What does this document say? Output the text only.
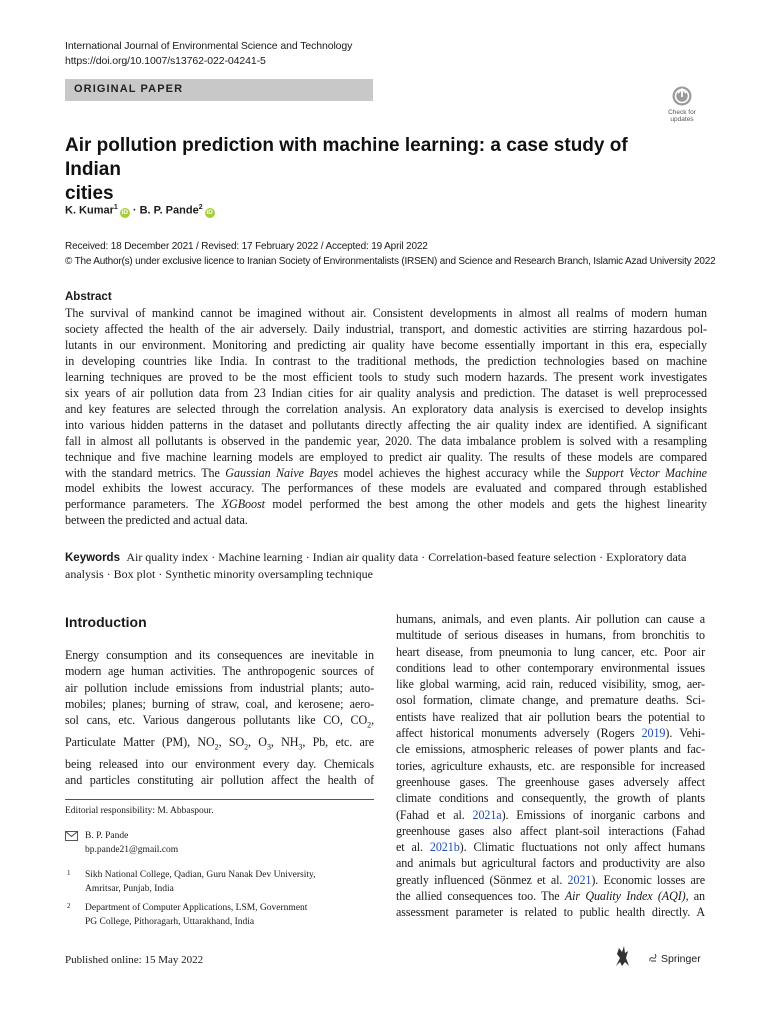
International Journal of Environmental Science and Technology
https://doi.org/10.1007/s13762-022-04241-5
ORIGINAL PAPER
Check for
updates
Air pollution prediction with machine learning: a case study of Indian
cities
K. Kumar$^1$iD · B. P. Pande$^2$iD
Received: 18 December 2021 / Revised: 17 February 2022 / Accepted: 19 April 2022
© The Author(s) under exclusive licence to Iranian Society of Environmentalists (IRSEN) and Science and Research Branch, Islamic Azad University 2022
Abstract
The survival of mankind cannot be imagined without air. Consistent developments in almost all realms of modern human
society affected the health of the air adversely. Daily industrial, transport, and domestic activities are stirring hazardous pol-
lutants in our environment. Monitoring and predicting air quality have become essentially important in this era, especially
in developing countries like India. In contrast to the traditional methods, the prediction technologies based on machine
learning techniques are proved to be the most efficient tools to study such modern hazards. The present work investigates
six years of air pollution data from 23 Indian cities for air quality analysis and prediction. The dataset is well preprocessed
and key features are selected through the correlation analysis. An exploratory data analysis is exercised to develop insights
into various hidden patterns in the dataset and pollutants directly affecting the air quality index are identified. A significant
fall in almost all pollutants is observed in the pandemic year, 2020. The data imbalance problem is solved with a resampling
technique and five machine learning models are employed to predict air quality. The results of these models are compared
with the standard metrics. The Gaussian Naive Bayes model achieves the highest accuracy while the Support Vector Machine
model exhibits the lowest accuracy. The performances of these models are evaluated and compared through established
performance parameters. The XGBoost model performed the best among the other models and gets the highest linearity
between the predicted and actual data.
Keywords Air quality index · Machine learning · Indian air quality data · Correlation-based feature selection · Exploratory data analysis · Box plot · Synthetic minority oversampling technique
Introduction
Energy consumption and its consequences are inevitable in
modern age human activities. The anthropogenic sources of
air pollution include emissions from industrial plants; auto-
mobiles; planes; burning of straw, coal, and kerosene; aero-
sol cans, etc. Various dangerous pollutants like CO, $CO_2$,
Particulate Matter (PM), $NO_2$, $SO_2$, $O_3$, $NH_3$, Pb, etc. are
being released into our environment every day. Chemicals
and particles constituting air pollution affect the health of
humans, animals, and even plants. Air pollution can cause a
multitude of serious diseases in humans, from bronchitis to
heart disease, from pneumonia to lung cancer, etc. Poor air
conditions lead to other contemporary environmental issues
like global warming, acid rain, reduced visibility, smog, aer-
osol formation, climate change, and premature deaths. Sci-
entists have realized that air pollution bears the potential to
affect historical monuments adversely (Rogers 2019). Vehi-
cle emissions, atmospheric releases of power plants and fac-
tories, agriculture exhausts, etc. are responsible for increased
greenhouse gases. The greenhouse gases adversely affect
climate conditions and consequently, the growth of plants
(Fahad et al. 2021a). Emissions of inorganic carbons and
greenhouse gases also affect plant-soil interactions (Fahad
et al. 2021b). Climatic fluctuations not only affect humans
and animals but agricultural factors and productivity are also
greatly influenced (Sönmez et al. 2021). Economic losses are
the allied consequences too. The Air Quality Index (AQI), an
assessment parameter is related to public health directly. A
Editorial responsibility: M. Abbaspour.
B. P. Pande
bp.pande21@gmail.com
1 Sikh National College, Qadian, Guru Nanak Dev University,
Amritsar, Punjab, India
2 Department of Computer Applications, LSM, Government
PG College, Pithoragarh, Uttarakhand, India
Published online: 15 May 2022	Springer
